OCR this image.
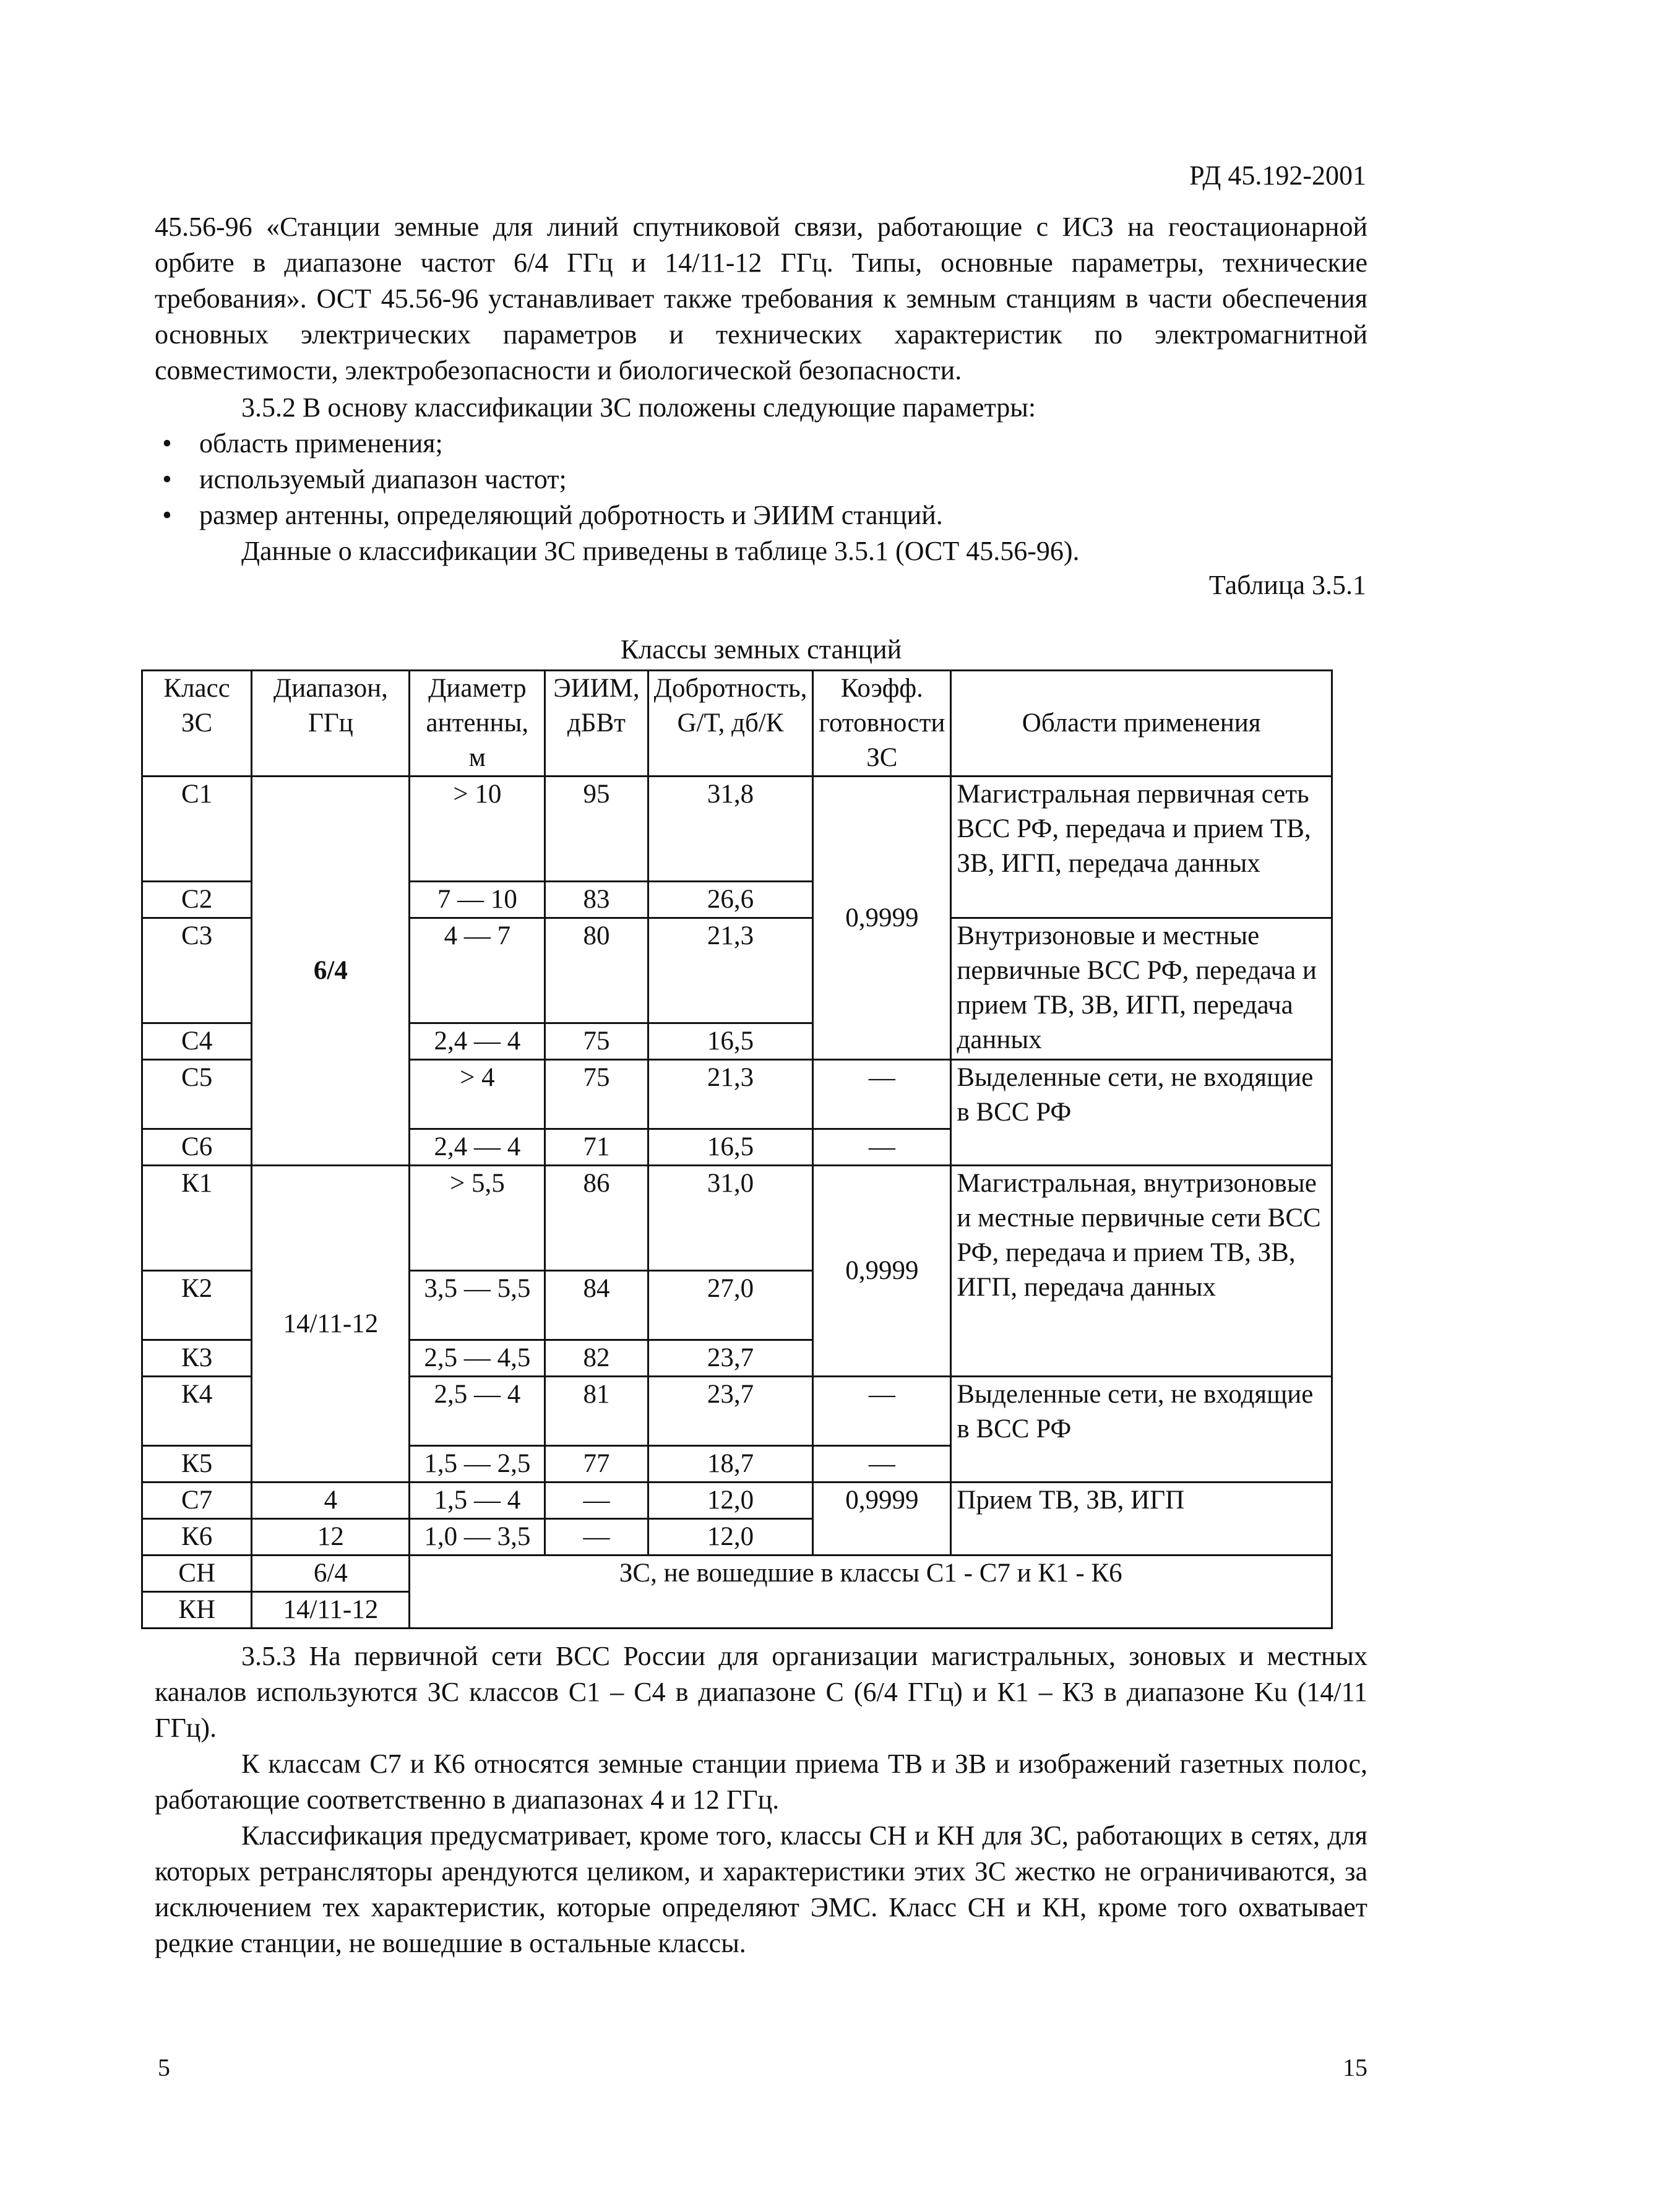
РД 45.192-2001

45.56-96 «Станции земные для линий спутниковой связи, работающие с ИСЗ на геостационарной орбите в диапазоне частот 6/4 ГГц и 14/11-12 ГГц. Типы, основные параметры, технические требования». ОСТ 45.56-96 устанавливает также требования к земным станциям в части обеспечения основных электрических параметров и технических характеристик по электромагнитной совместимости, электробезопасности и биологической безопасности.

3.5.2 В основу классификации ЗС положены следующие параметры:

• область применения;
• используемый диапазон частот;
• размер антенны, определяющий добротность и ЭИИМ станций.

Данные о классификации ЗС приведены в таблице 3.5.1 (ОСТ 45.56-96).

Таблица 3.5.1
Классы земных станций
Класс ЗС	Диапазон, ГГц	Диаметр антенны, м	ЭИИМ, дБВт	Добротность, G/T, дб/К	Коэфф. готовности ЗС	Области применения
С1	6/4	> 10	95	31,8	0,9999	Магистральная первичная сеть ВСС РФ, передача и прием ТВ, ЗВ, ИГП, передача данных
С2		7 — 10	83	26,6		
С3		4 — 7	80	21,3		Внутризоновые и местные первичные ВСС РФ, передача и прием ТВ, ЗВ, ИГП, передача данных
С4		2,4 — 4	75	16,5		
С5		> 4	75	21,3	—	Выделенные сети, не входящие в ВСС РФ
С6		2,4 — 4	71	16,5	—	
К1	14/11-12	> 5,5	86	31,0	0,9999	Магистральная, внутризоновые и местные первичные сети ВСС РФ, передача и прием ТВ, ЗВ, ИГП, передача данных
К2		3,5 — 5,5	84	27,0		
К3		2,5 — 4,5	82	23,7		
К4		2,5 — 4	81	23,7	—	Выделенные сети, не входящие в ВСС РФ
К5		1,5 — 2,5	77	18,7	—	
С7	4	1,5 — 4	—	12,0	0,9999	Прием ТВ, ЗВ, ИГП
К6	12	1,0 — 3,5	—	12,0		
СН	6/4	ЗС, не вошедшие в классы С1 - С7 и К1 - К6				
КН	14/11-12					

3.5.3 На первичной сети ВСС России для организации магистральных, зоновых и местных каналов используются ЗС классов С1 – С4 в диапазоне С (6/4 ГГц) и К1 – К3 в диапазоне Ku (14/11 ГГц).

К классам С7 и К6 относятся земные станции приема ТВ и ЗВ и изображений газетных полос, работающие соответственно в диапазонах 4 и 12 ГГц.

Классификация предусматривает, кроме того, классы СН и КН для ЗС, работающих в сетях, для которых ретрансляторы арендуются целиком, и характеристики этих ЗС жестко не ограничиваются, за исключением тех характеристик, которые определяют ЭМС. Класс СН и КН, кроме того охватывает редкие станции, не вошедшие в остальные классы.

5	15
